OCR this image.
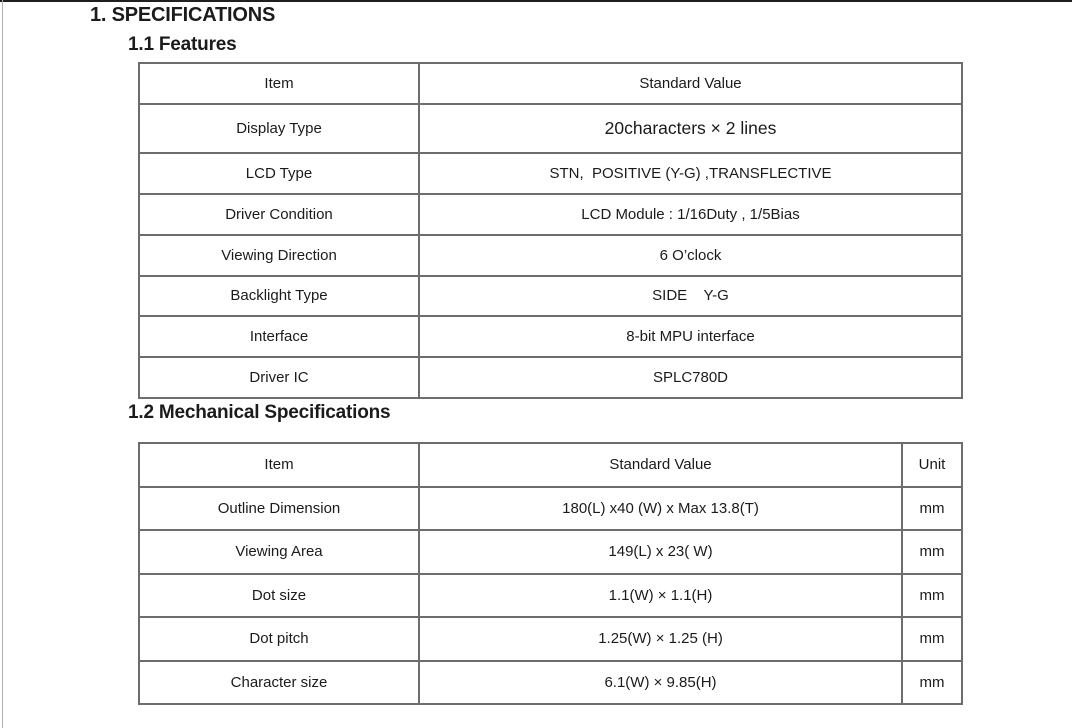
1. SPECIFICATIONS
1.1 Features
Item	Standard Value
Display Type	20characters × 2 lines
LCD Type	STN,  POSITIVE (Y-G) ,TRANSFLECTIVE
Driver Condition	LCD Module : 1/16Duty , 1/5Bias
Viewing Direction	6 O’clock
Backlight Type	SIDE    Y-G
Interface	8-bit MPU interface
Driver IC	SPLC780D
1.2 Mechanical Specifications
Item	Standard Value	Unit
Outline Dimension	180(L) x40 (W) x Max 13.8(T)	mm
Viewing Area	149(L) x 23( W)	mm
Dot size	1.1(W) × 1.1(H)	mm
Dot pitch	1.25(W) × 1.25 (H)	mm
Character size	6.1(W) × 9.85(H)	mm
